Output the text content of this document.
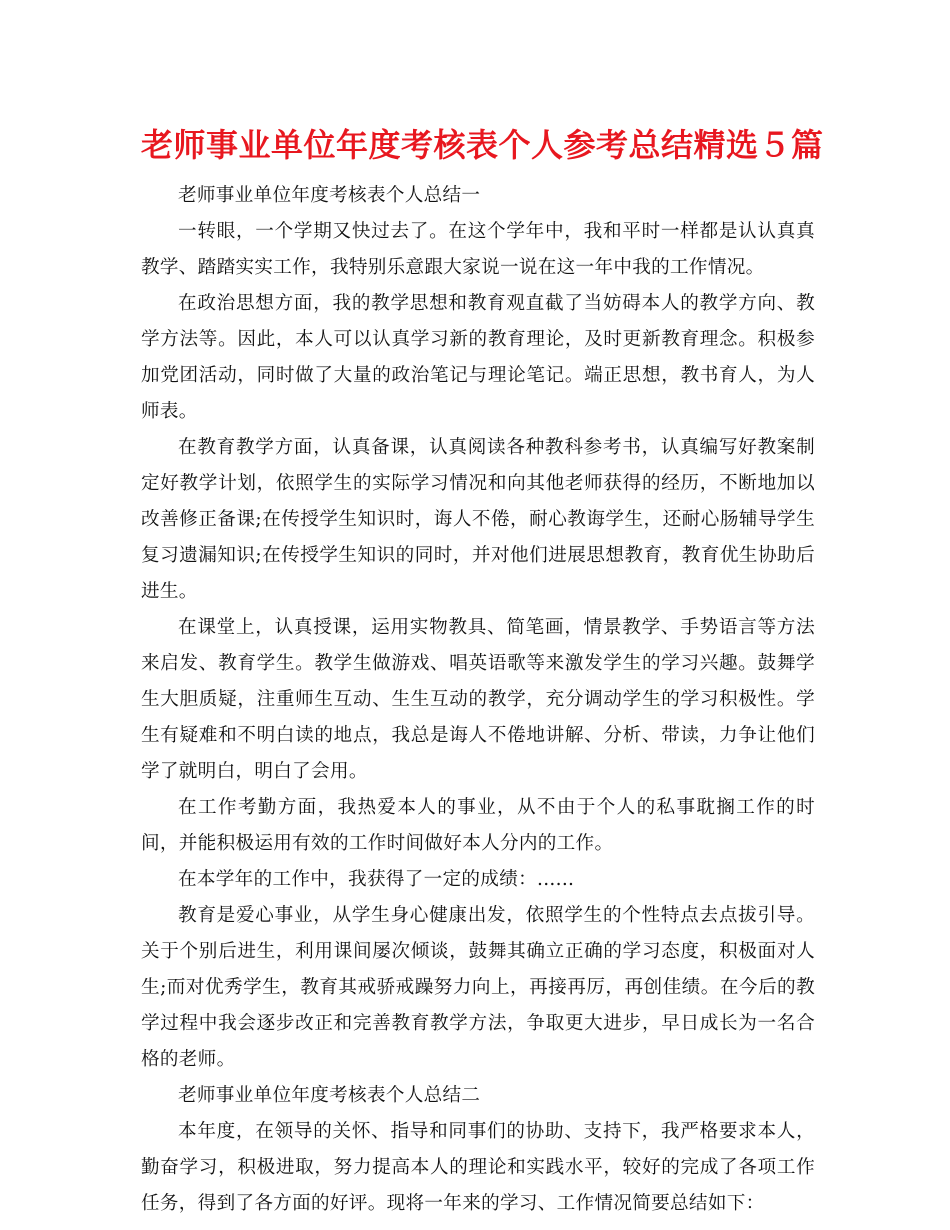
老师事业单位年度考核表个人参考总结精选５篇

老师事业单位年度考核表个人总结一

一转眼，一个学期又快过去了。在这个学年中，我和平时一样都是认认真真教学、踏踏实实工作，我特别乐意跟大家说一说在这一年中我的工作情况。

在政治思想方面，我的教学思想和教育观直截了当妨碍本人的教学方向、教学方法等。因此，本人可以认真学习新的教育理论，及时更新教育理念。积极参加党团活动，同时做了大量的政治笔记与理论笔记。端正思想，教书育人，为人师表。

在教育教学方面，认真备课，认真阅读各种教科参考书，认真编写好教案制定好教学计划，依照学生的实际学习情况和向其他老师获得的经历，不断地加以改善修正备课;在传授学生知识时，诲人不倦，耐心教诲学生，还耐心肠辅导学生复习遗漏知识;在传授学生知识的同时，并对他们进展思想教育，教育优生协助后进生。

在课堂上，认真授课，运用实物教具、简笔画，情景教学、手势语言等方法来启发、教育学生。教学生做游戏、唱英语歌等来激发学生的学习兴趣。鼓舞学生大胆质疑，注重师生互动、生生互动的教学，充分调动学生的学习积极性。学生有疑难和不明白读的地点，我总是诲人不倦地讲解、分析、带读，力争让他们学了就明白，明白了会用。

在工作考勤方面，我热爱本人的事业，从不由于个人的私事耽搁工作的时间，并能积极运用有效的工作时间做好本人分内的工作。

在本学年的工作中，我获得了一定的成绩：......

教育是爱心事业，从学生身心健康出发，依照学生的个性特点去点拔引导。关于个别后进生，利用课间屡次倾谈，鼓舞其确立正确的学习态度，积极面对人生;而对优秀学生，教育其戒骄戒躁努力向上，再接再厉，再创佳绩。在今后的教学过程中我会逐步改正和完善教育教学方法，争取更大进步，早日成长为一名合格的老师。

老师事业单位年度考核表个人总结二

本年度，在领导的关怀、指导和同事们的协助、支持下，我严格要求本人，勤奋学习，积极进取，努力提高本人的理论和实践水平，较好的完成了各项工作任务，得到了各方面的好评。现将一年来的学习、工作情况简要总结如下：
